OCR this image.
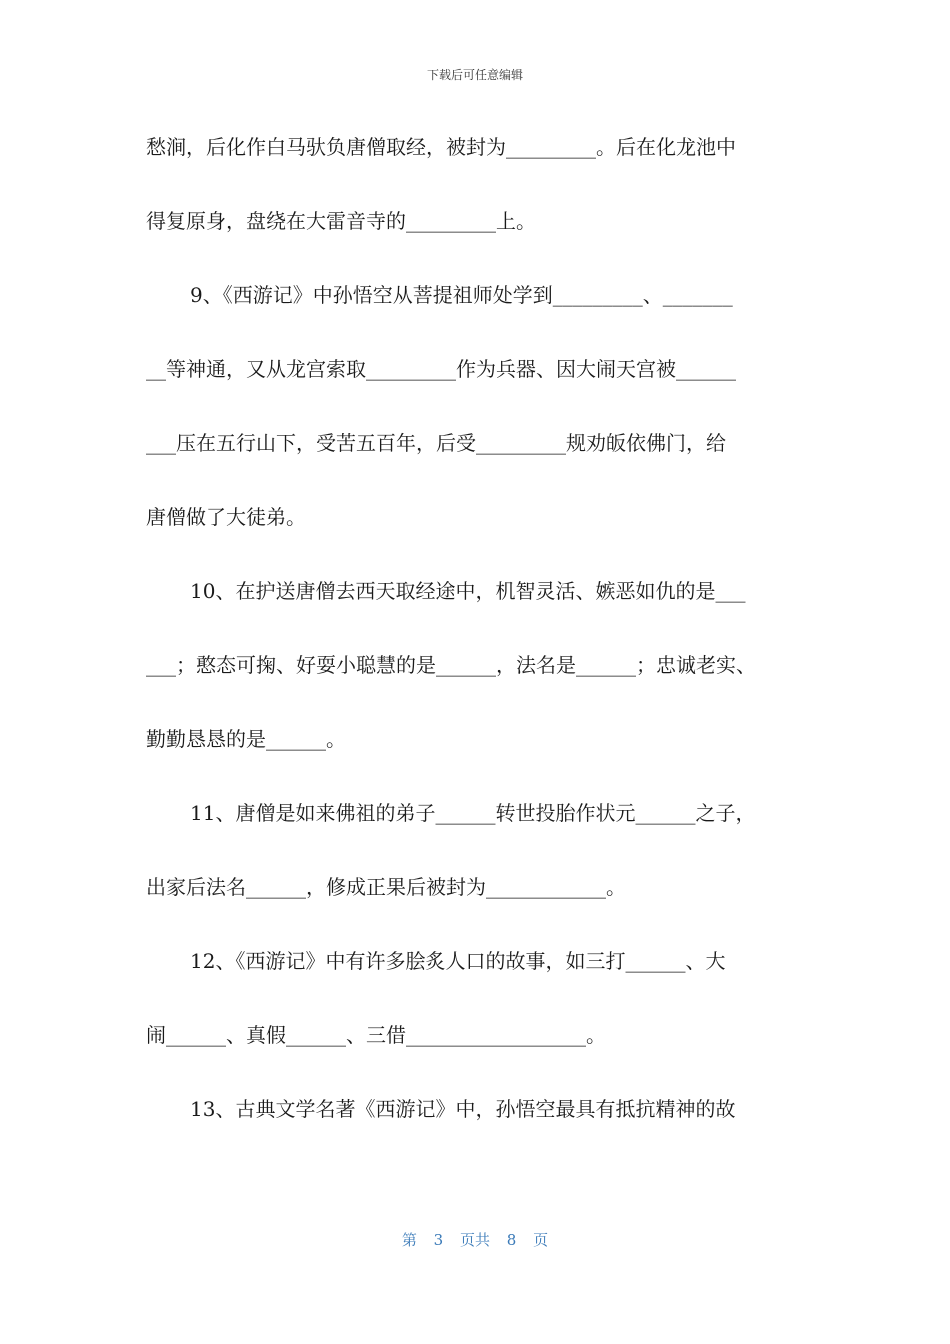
下载后可任意编辑
愁涧，后化作白马驮负唐僧取经，被封为_________。后在化龙池中
得复原身，盘绕在大雷音寺的_________上。
9、《西游记》中孙悟空从菩提祖师处学到_________、_______
__等神通，又从龙宫索取_________作为兵器、因大闹天宫被______
___压在五行山下，受苦五百年，后受_________规劝皈依佛门，给
唐僧做了大徒弟。
10、在护送唐僧去西天取经途中，机智灵活、嫉恶如仇的是___
___；憨态可掬、好耍小聪慧的是______，法名是______；忠诚老实、
勤勤恳恳的是______。
11、唐僧是如来佛祖的弟子______转世投胎作状元______之子，
出家后法名______，修成正果后被封为____________。
12、《西游记》中有许多脍炙人口的故事，如三打______、大
闹______、真假______、三借__________________。
13、古典文学名著《西游记》中，孙悟空最具有抵抗精神的故
第 3 页共 8 页
